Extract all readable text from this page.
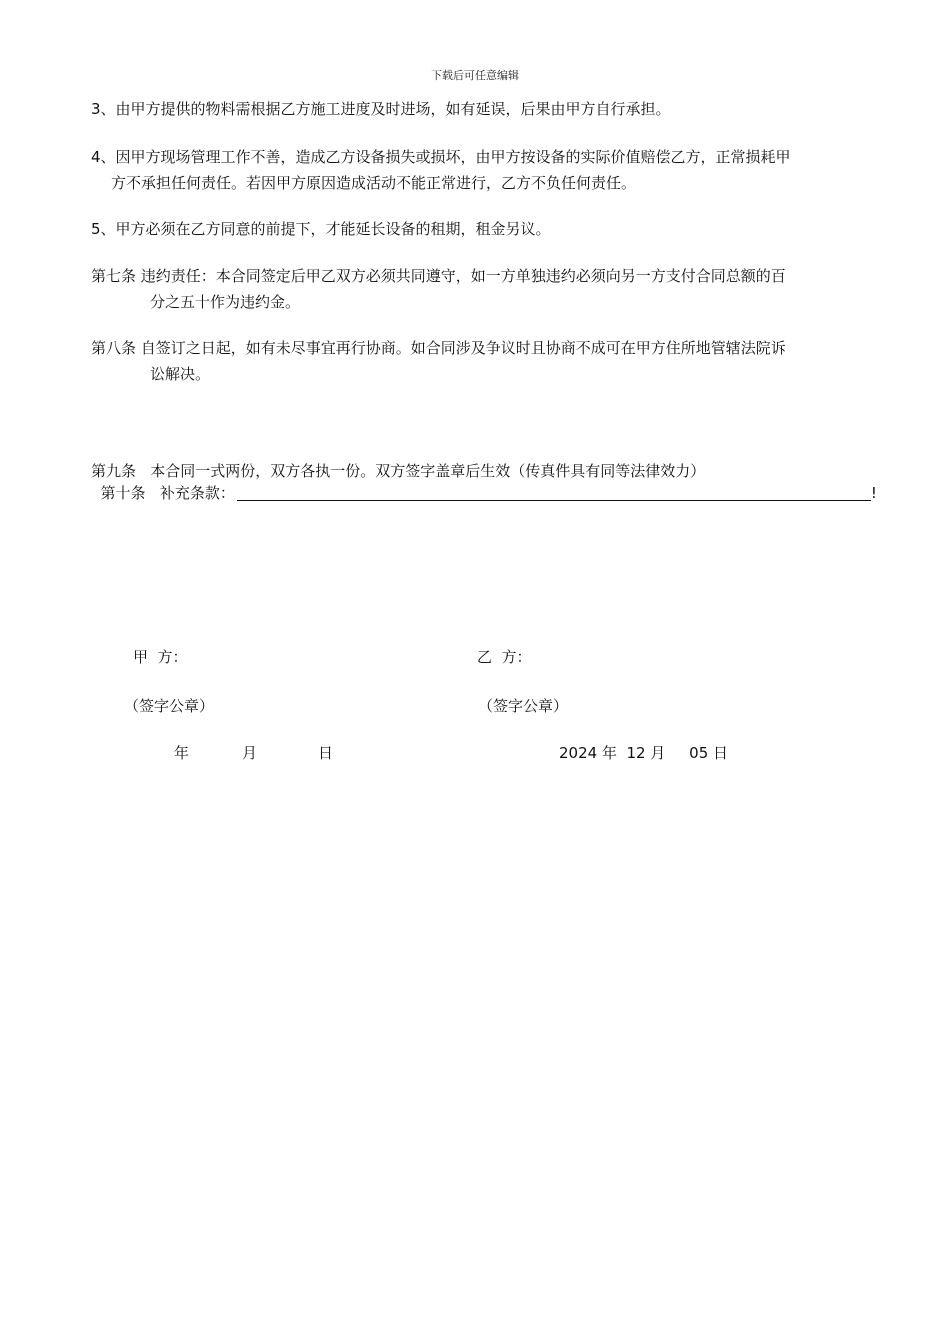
下载后可任意编辑
3、由甲方提供的物料需根据乙方施工进度及时进场，如有延误，后果由甲方自行承担。
4、因甲方现场管理工作不善，造成乙方设备损失或损坏，由甲方按设备的实际价值赔偿乙方，正常损耗甲
方不承担任何责任。若因甲方原因造成活动不能正常进行，乙方不负任何责任。
5、甲方必须在乙方同意的前提下，才能延长设备的租期，租金另议。
第七条 违约责任：本合同签定后甲乙双方必须共同遵守，如一方单独违约必须向另一方支付合同总额的百
分之五十作为违约金。
第八条 自签订之日起，如有未尽事宜再行协商。如合同涉及争议时且协商不成可在甲方住所地管辖法院诉
讼解决。

第九条   本合同一式两份，双方各执一份。双方签字盖章后生效（传真件具有同等法律效力）

第十条   补充条款：	!

甲  方：	乙  方：
（签字公章）	（签字公章）
年	月	日	2024 年  12 月     05 日
